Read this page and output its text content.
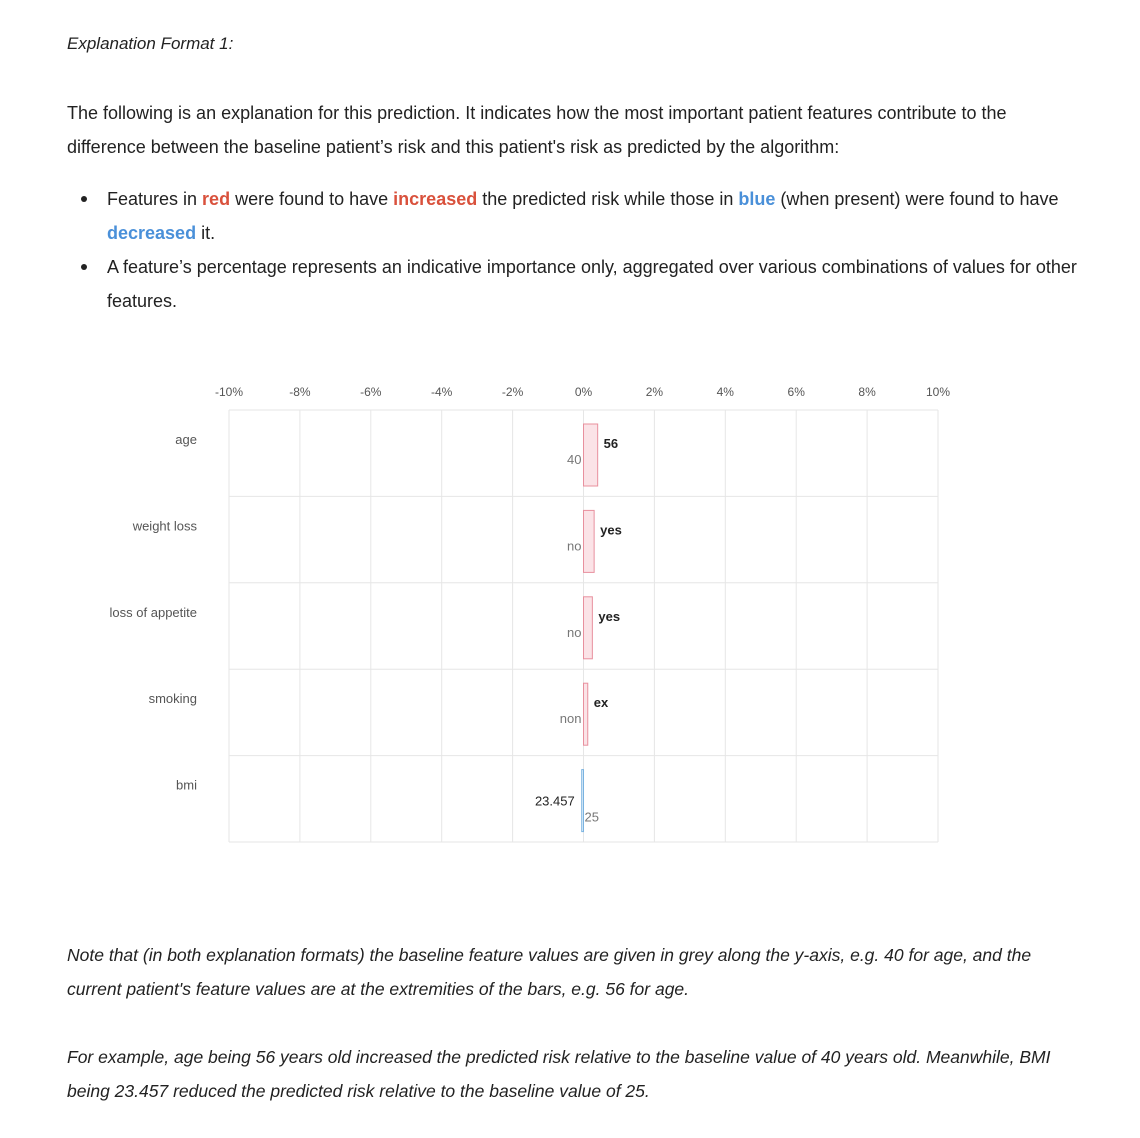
Explanation Format 1:
The following is an explanation for this prediction. It indicates how the most important patient features contribute to the difference between the baseline patient’s risk and this patient's risk as predicted by the algorithm:
Features in red were found to have increased the predicted risk while those in blue (when present) were found to have decreased it.
A feature’s percentage represents an indicative importance only, aggregated over various combinations of values for other features.
-10%	-8%	-6%	-4%	-2%	0%	2%	4%	6%	8%	10%
age
40
56
weight loss
no
yes
loss of appetite
no
yes
smoking
non
ex
bmi
25
23.457
Note that (in both explanation formats) the baseline feature values are given in grey along the y-axis, e.g. 40 for age, and the current patient's feature values are at the extremities of the bars, e.g. 56 for age.
For example, age being 56 years old increased the predicted risk relative to the baseline value of 40 years old. Meanwhile, BMI being 23.457 reduced the predicted risk relative to the baseline value of 25.
